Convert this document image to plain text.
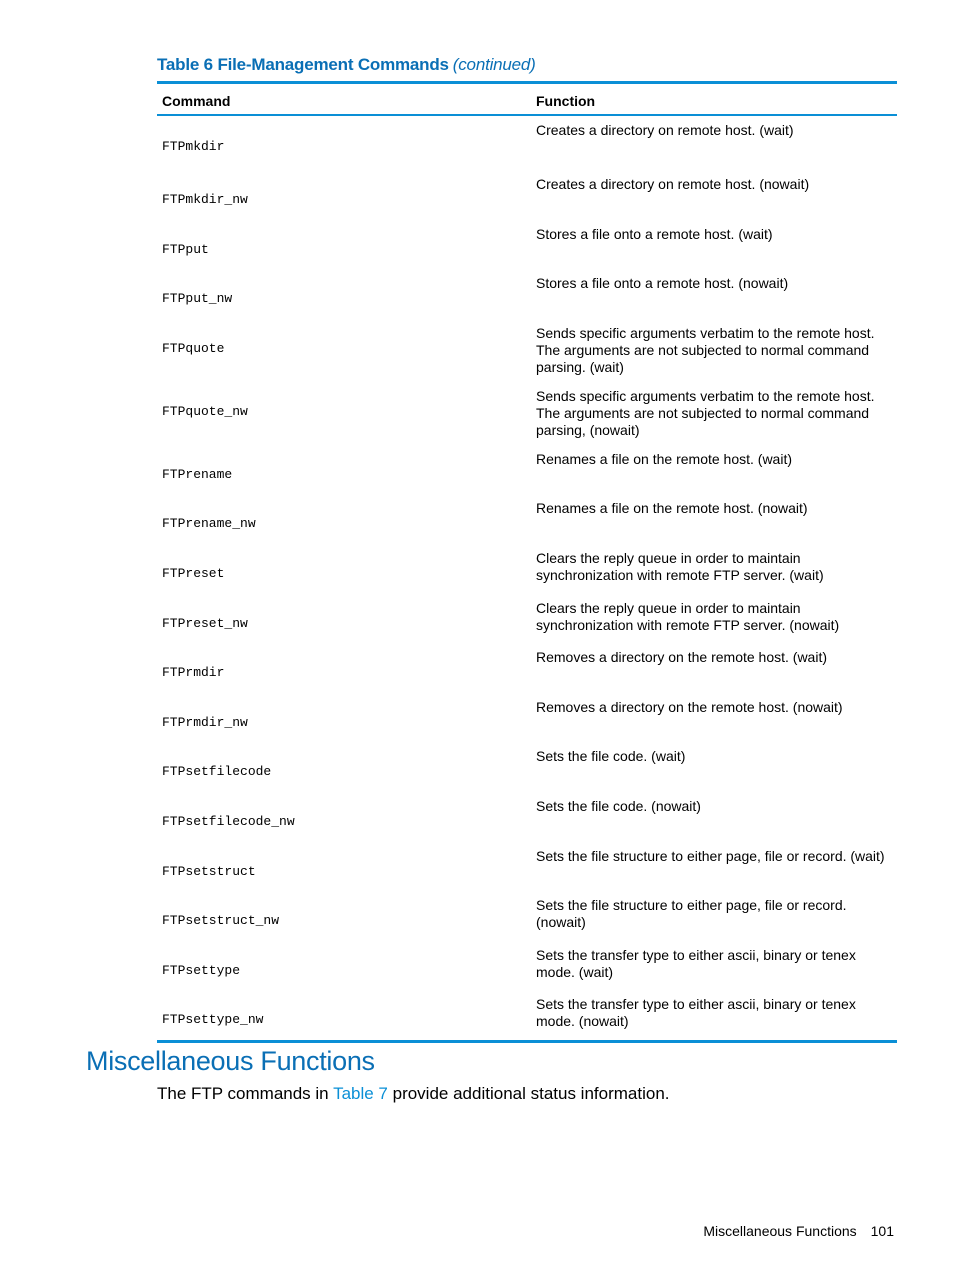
Table 6 File-Management Commands (continued)
Command	Function
FTPmkdir	Creates a directory on remote host. (wait)
FTPmkdir_nw	Creates a directory on remote host. (nowait)
FTPput	Stores a file onto a remote host. (wait)
FTPput_nw	Stores a file onto a remote host. (nowait)
FTPquote	Sends specific arguments verbatim to the remote host. The arguments are not subjected to normal command parsing. (wait)
FTPquote_nw	Sends specific arguments verbatim to the remote host. The arguments are not subjected to normal command parsing, (nowait)
FTPrename	Renames a file on the remote host. (wait)
FTPrename_nw	Renames a file on the remote host. (nowait)
FTPreset	Clears the reply queue in order to maintain synchronization with remote FTP server. (wait)
FTPreset_nw	Clears the reply queue in order to maintain synchronization with remote FTP server. (nowait)
FTPrmdir	Removes a directory on the remote host. (wait)
FTPrmdir_nw	Removes a directory on the remote host. (nowait)
FTPsetfilecode	Sets the file code. (wait)
FTPsetfilecode_nw	Sets the file code. (nowait)
FTPsetstruct	Sets the file structure to either page, file or record. (wait)
FTPsetstruct_nw	Sets the file structure to either page, file or record. (nowait)
FTPsettype	Sets the transfer type to either ascii, binary or tenex mode. (wait)
FTPsettype_nw	Sets the transfer type to either ascii, binary or tenex mode. (nowait)
Miscellaneous Functions
The FTP commands in Table 7 provide additional status information.
Miscellaneous Functions 101
